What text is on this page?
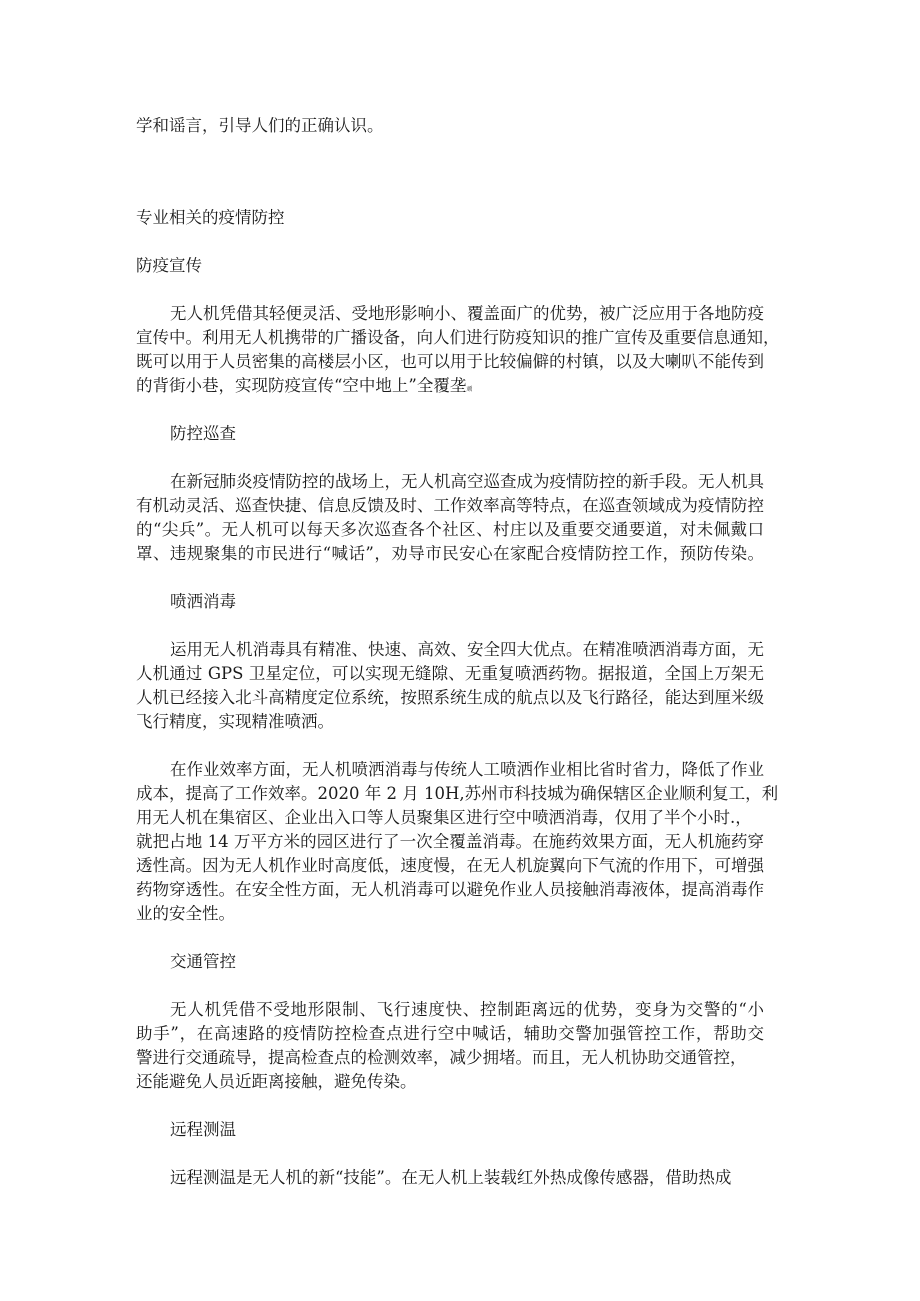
学和谣言，引导人们的正确认识。

专业相关的疫情防控

防疫宣传

无人机凭借其轻便灵活、受地形影响小、覆盖面广的优势，被广泛应用于各地防疫

宣传中。利用无人机携带的广播设备，向人们进行防疫知识的推广宣传及重要信息通知，

既可以用于人员密集的高楼层小区，也可以用于比较偏僻的村镇，以及大喇叭不能传到

的背街小巷，实现防疫宣传“空中地上”全覆垄顽

防控巡查

在新冠肺炎疫情防控的战场上，无人机高空巡查成为疫情防控的新手段。无人机具

有机动灵活、巡查快捷、信息反馈及时、工作效率高等特点，在巡查领域成为疫情防控

的“尖兵”。无人机可以每天多次巡查各个社区、村庄以及重要交通要道，对未佩戴口

罩、违规聚集的市民进行“喊话”，劝导市民安心在家配合疫情防控工作，预防传染。

喷洒消毒

运用无人机消毒具有精准、快速、高效、安全四大优点。在精准喷洒消毒方面，无

人机通过 GPS 卫星定位，可以实现无缝隙、无重复喷洒药物。据报道，全国上万架无

人机已经接入北斗高精度定位系统，按照系统生成的航点以及飞行路径，能达到厘米级

飞行精度，实现精准喷洒。

在作业效率方面，无人机喷洒消毒与传统人工喷洒作业相比省时省力，降低了作业

成本，提高了工作效率。2020 年 2 月 10H,苏州市科技城为确保辖区企业顺利复工，利

用无人机在集宿区、企业出入口等人员聚集区进行空中喷洒消毒，仅用了半个小时.，

就把占地 14 万平方米的园区进行了一次全覆盖消毒。在施药效果方面，无人机施药穿

透性高。因为无人机作业时高度低，速度慢，在无人机旋翼向下气流的作用下，可增强

药物穿透性。在安全性方面，无人机消毒可以避免作业人员接触消毒液体，提高消毒作

业的安全性。

交通管控

无人机凭借不受地形限制、飞行速度快、控制距离远的优势，变身为交警的“小

助手”，在高速路的疫情防控检查点进行空中喊话，辅助交警加强管控工作，帮助交

警进行交通疏导，提高检查点的检测效率，减少拥堵。而且，无人机协助交通管控，

还能避免人员近距离接触，避免传染。

远程测温

远程测温是无人机的新“技能”。在无人机上装载红外热成像传感器，借助热成
